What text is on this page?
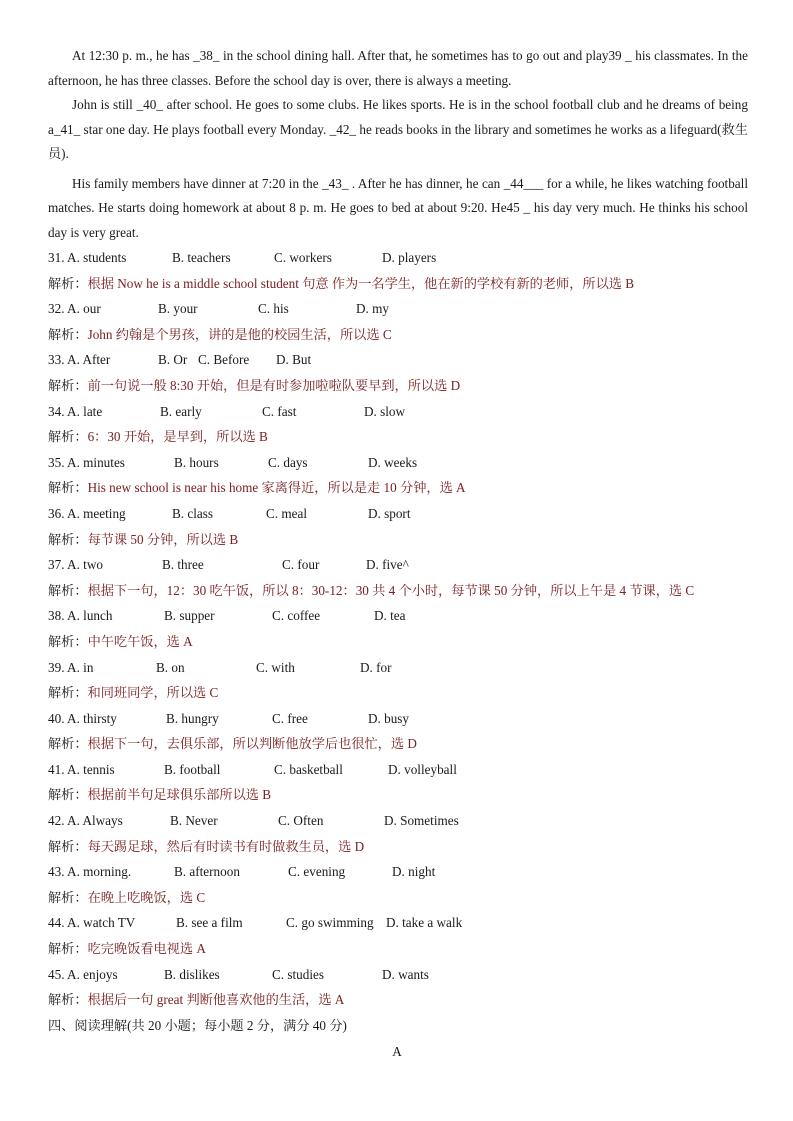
At 12:30 p. m., he has _38_ in the school dining hall. After that, he sometimes has to go out and play39 _ his classmates. In the afternoon, he has three classes. Before the school day is over, there is always a meeting.

John is still _40_ after school. He goes to some clubs. He likes sports. He is in the school football club and he dreams of being a_41_ star one day. He plays football every Monday. _42_ he reads books in the library and sometimes he works as a lifeguard(救生员).

His family members have dinner at 7:20 in the _43_ . After he has dinner, he can _44___ for a while, he likes watching football matches. He starts doing homework at about 8 p. m. He goes to bed at about 9:20. He45 _ his day very much. He thinks his school day is very great.

31. A. students	B. teachers	C. workers	D. players
解析：根据 Now he is a middle school student 句意 作为一名学生，他在新的学校有新的老师，所以选 B
32. A. our	B. your	C. his	D. my
解析：John 约翰是个男孩，讲的是他的校园生活，所以选 C
33. A. After	B. Or C. Before D. But
解析：前一句说一般 8:30 开始，但是有时参加啦啦队要早到，所以选 D
34. A. late	B. early	C. fast	D. slow
解析：6：30 开始，是早到，所以选 B
35. A. minutes	B. hours	C. days	D. weeks
解析：His new school is near his home 家离得近，所以是走 10 分钟，选 A
36. A. meeting	B. class	C. meal	D. sport
解析：每节课 50 分钟，所以选 B
37. A. two	B. three	C. four	D. five^
解析：根据下一句，12：30 吃午饭，所以 8：30-12：30 共 4 个小时，每节课 50 分钟，所以上午是 4 节课，选 C
38. A. lunch	B. supper	C. coffee	D. tea
解析：中午吃午饭，选 A
39. A. in	B. on	C. with	D. for
解析：和同班同学，所以选 C
40. A. thirsty	B. hungry	C. free	D. busy
解析：根据下一句，去俱乐部，所以判断他放学后也很忙，选 D
41. A. tennis	B. football	C. basketball	D. volleyball
解析：根据前半句足球俱乐部所以选 B
42. A. Always	B. Never	C. Often	D. Sometimes
解析：每天踢足球，然后有时读书有时做救生员，选 D
43. A. morning.	B. afternoon	C. evening	D. night
解析：在晚上吃晚饭，选 C
44. A. watch TV	B. see a film	C. go swimming D. take a walk
解析：吃完晚饭看电视选 A
45. A. enjoys	B. dislikes	C. studies	D. wants
解析：根据后一句 great 判断他喜欢他的生活，选 A
四、阅读理解(共 20 小题；每小题 2 分，满分 40 分)
A
